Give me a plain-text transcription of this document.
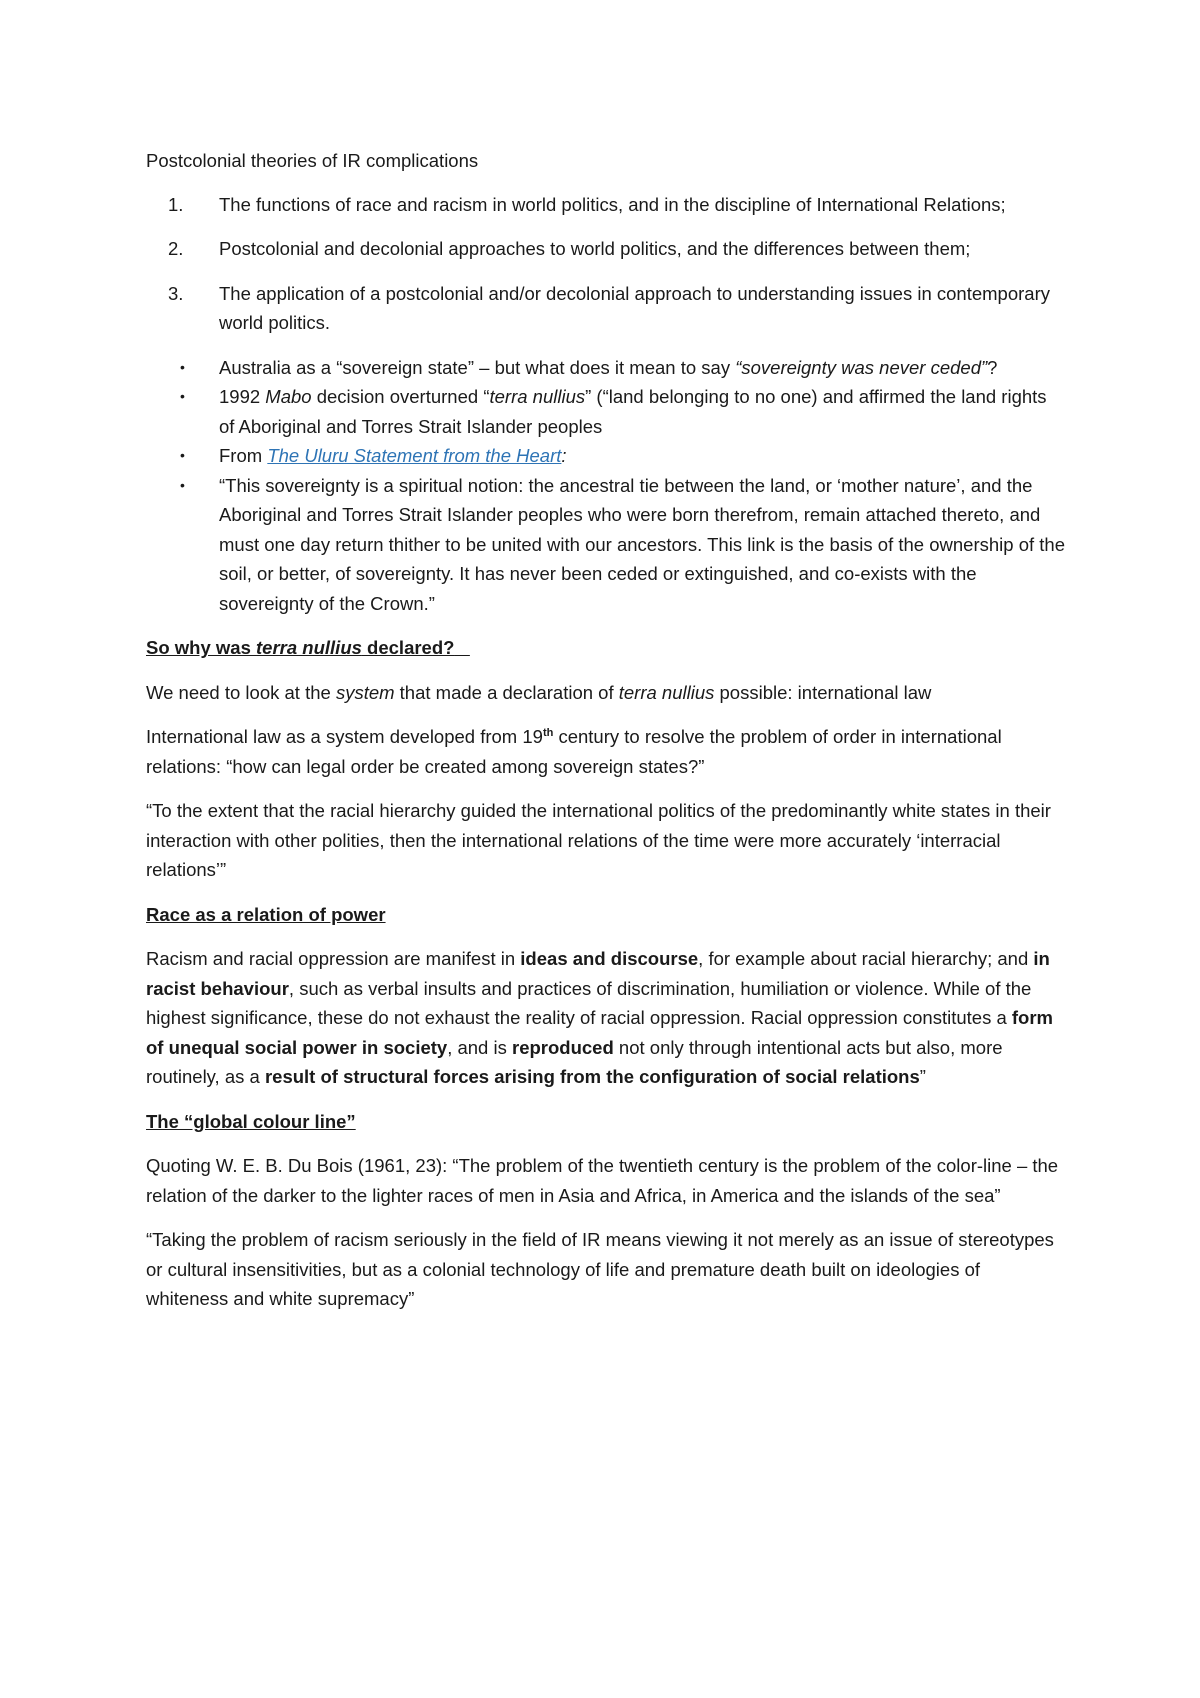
Postcolonial theories of IR complications

1. The functions of race and racism in world politics, and in the discipline of International Relations;
2. Postcolonial and decolonial approaches to world politics, and the differences between them;
3. The application of a postcolonial and/or decolonial approach to understanding issues in contemporary world politics.
• Australia as a “sovereign state” – but what does it mean to say “sovereignty was never ceded”?
• 1992 Mabo decision overturned “terra nullius” (“land belonging to no one) and affirmed the land rights of Aboriginal and Torres Strait Islander peoples
• From The Uluru Statement from the Heart:
• “This sovereignty is a spiritual notion: the ancestral tie between the land, or ‘mother nature’, and the Aboriginal and Torres Strait Islander peoples who were born therefrom, remain attached thereto, and must one day return thither to be united with our ancestors. This link is the basis of the ownership of the soil, or better, of sovereignty. It has never been ceded or extinguished, and co-exists with the sovereignty of the Crown.”

So why was terra nullius declared?

We need to look at the system that made a declaration of terra nullius possible: international law

International law as a system developed from 19th century to resolve the problem of order in international relations: “how can legal order be created among sovereign states?”

“To the extent that the racial hierarchy guided the international politics of the predominantly white states in their interaction with other polities, then the international relations of the time were more accurately ‘interracial relations’”

Race as a relation of power

Racism and racial oppression are manifest in ideas and discourse, for example about racial hierarchy; and in racist behaviour, such as verbal insults and practices of discrimination, humiliation or violence. While of the highest significance, these do not exhaust the reality of racial oppression. Racial oppression constitutes a form of unequal social power in society, and is reproduced not only through intentional acts but also, more routinely, as a result of structural forces arising from the configuration of social relations”

The “global colour line”

Quoting W. E. B. Du Bois (1961, 23): “The problem of the twentieth century is the problem of the color-line – the relation of the darker to the lighter races of men in Asia and Africa, in America and the islands of the sea”

“Taking the problem of racism seriously in the field of IR means viewing it not merely as an issue of stereotypes or cultural insensitivities, but as a colonial technology of life and premature death built on ideologies of whiteness and white supremacy”
